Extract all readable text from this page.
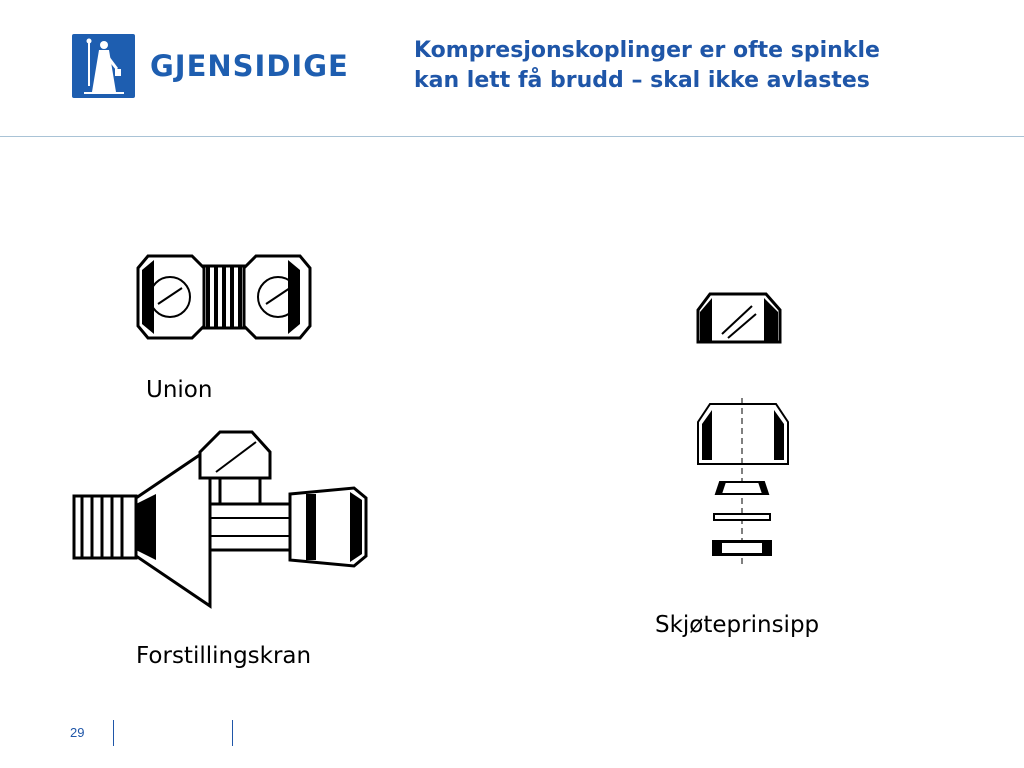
GJENSIDIGE	Kompresjonskoplinger er ofte spinkle
kan lett få brudd – skal ikke avlastes
Union
Forstillingskran
Skjøteprinsipp
29
